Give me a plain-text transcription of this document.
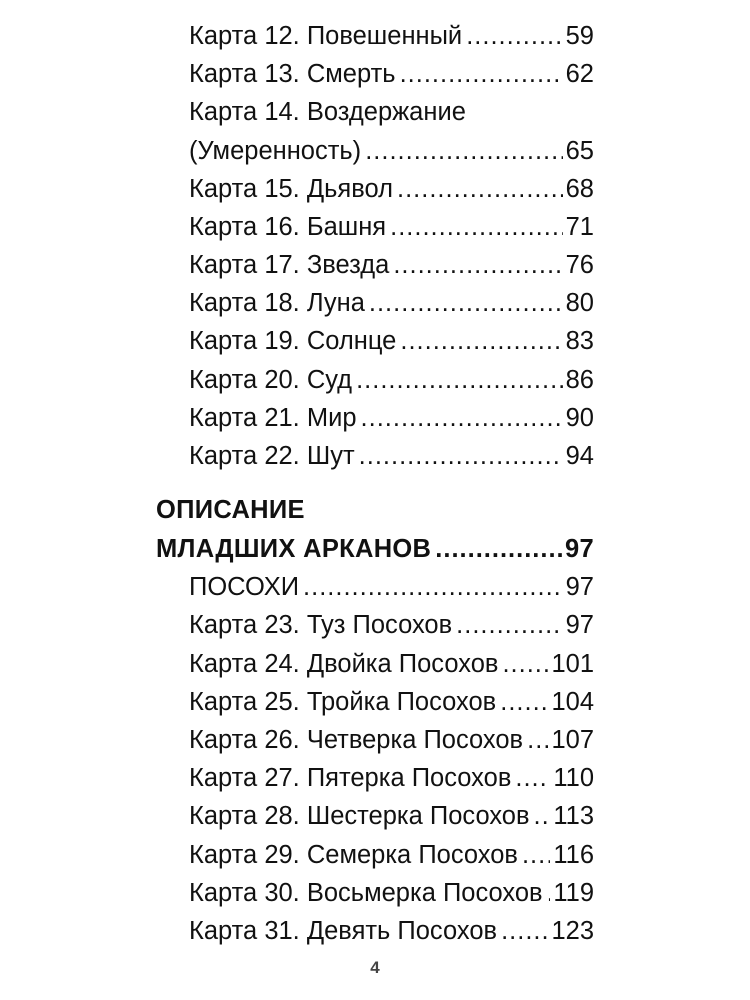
Карта 12. Повешенный .....	59
Карта 13. Смерть .....	62
Карта 14. Воздержание
(Умеренность) .....	65
Карта 15. Дьявол .....	68
Карта 16. Башня .....	71
Карта 17. Звезда .....	76
Карта 18. Луна .....	80
Карта 19. Солнце .....	83
Карта 20. Суд .....	86
Карта 21. Мир .....	90
Карта 22. Шут .....	94
ОПИСАНИЕ
МЛАДШИХ АРКАНОВ .....	97
ПОСОХИ .....	97
Карта 23. Туз Посохов .....	97
Карта 24. Двойка Посохов ..... 101
Карта 25. Тройка Посохов ..... 104
Карта 26. Четверка Посохов ..... 107
Карта 27. Пятерка Посохов ..... 110
Карта 28. Шестерка Посохов ..... 113
Карта 29. Семерка Посохов ..... 116
Карта 30. Восьмерка Посохов ..... 119
Карта 31. Девять Посохов ..... 123
4
